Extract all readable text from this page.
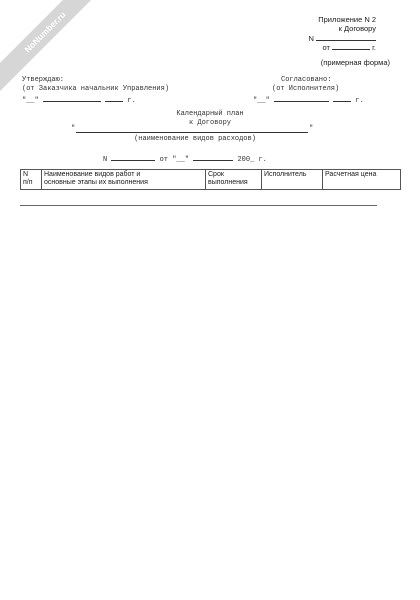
NoNumber.ru	Приложение N 2
к Договору
N
от	г.
(примерная форма)
Утверждаю:
(от Заказчика начальник Управления)
"__"	г.
Согласовано:
(от Исполнителя)
"__"	г.
Календарный план
к Договору
"	"
(наименование видов расходов)
N	от "__"	200_ г.
N
п/п

Наименование видов работ и
основные этапы их выполнения

Срок
выполнения

Исполнитель	Расчетная цена
